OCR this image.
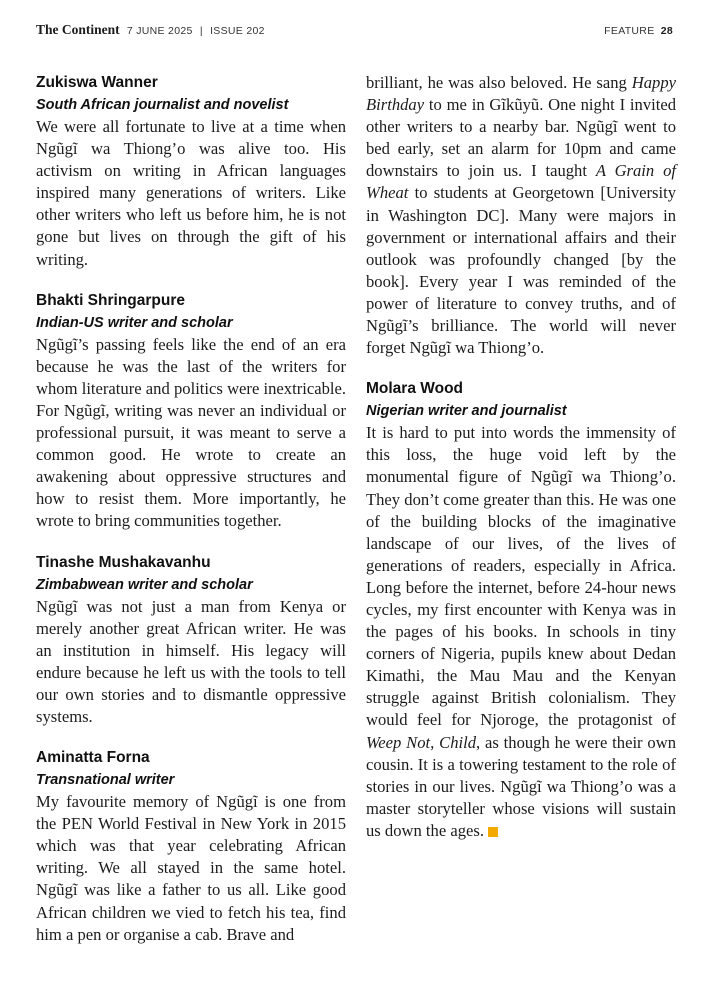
The Continent 7 JUNE 2025 | ISSUE 202	FEATURE 28

Zukiswa Wanner

South African journalist and novelist

We were all fortunate to live at a time when Ngũgĩ wa Thiong’o was alive too. His activism on writing in African languages inspired many generations of writers. Like other writers who left us before him, he is not gone but lives on through the gift of his writing.

Bhakti Shringarpure

Indian-US writer and scholar

Ngũgĩ’s passing feels like the end of an era because he was the last of the writers for whom literature and politics were inextricable. For Ngũgĩ, writing was never an individual or professional pursuit, it was meant to serve a common good. He wrote to create an awakening about oppressive structures and how to resist them. More importantly, he wrote to bring communities together.

Tinashe Mushakavanhu

Zimbabwean writer and scholar

Ngũgĩ was not just a man from Kenya or merely another great African writer. He was an institution in himself. His legacy will endure because he left us with the tools to tell our own stories and to dismantle oppressive systems.

Aminatta Forna

Transnational writer

My favourite memory of Ngũgĩ is one from the PEN World Festival in New York in 2015 which was that year celebrating African writing. We all stayed in the same hotel. Ngũgĩ was like a father to us all. Like good African children we vied to fetch his tea, find him a pen or organise a cab. Brave and

brilliant, he was also beloved. He sang Happy Birthday to me in Gĩkũyũ. One night I invited other writers to a nearby bar. Ngũgĩ went to bed early, set an alarm for 10pm and came downstairs to join us. I taught A Grain of Wheat to students at Georgetown [University in Washington DC]. Many were majors in government or international affairs and their outlook was profoundly changed [by the book]. Every year I was reminded of the power of literature to convey truths, and of Ngũgĩ’s brilliance. The world will never forget Ngũgĩ wa Thiong’o.

Molara Wood

Nigerian writer and journalist

It is hard to put into words the immensity of this loss, the huge void left by the monumental figure of Ngũgĩ wa Thiong’o. They don’t come greater than this. He was one of the building blocks of the imaginative landscape of our lives, of the lives of generations of readers, especially in Africa. Long before the internet, before 24-hour news cycles, my first encounter with Kenya was in the pages of his books. In schools in tiny corners of Nigeria, pupils knew about Dedan Kimathi, the Mau Mau and the Kenyan struggle against British colonialism. They would feel for Njoroge, the protagonist of Weep Not, Child, as though he were their own cousin. It is a towering testament to the role of stories in our lives. Ngũgĩ wa Thiong’o was a master storyteller whose visions will sustain us down the ages.
